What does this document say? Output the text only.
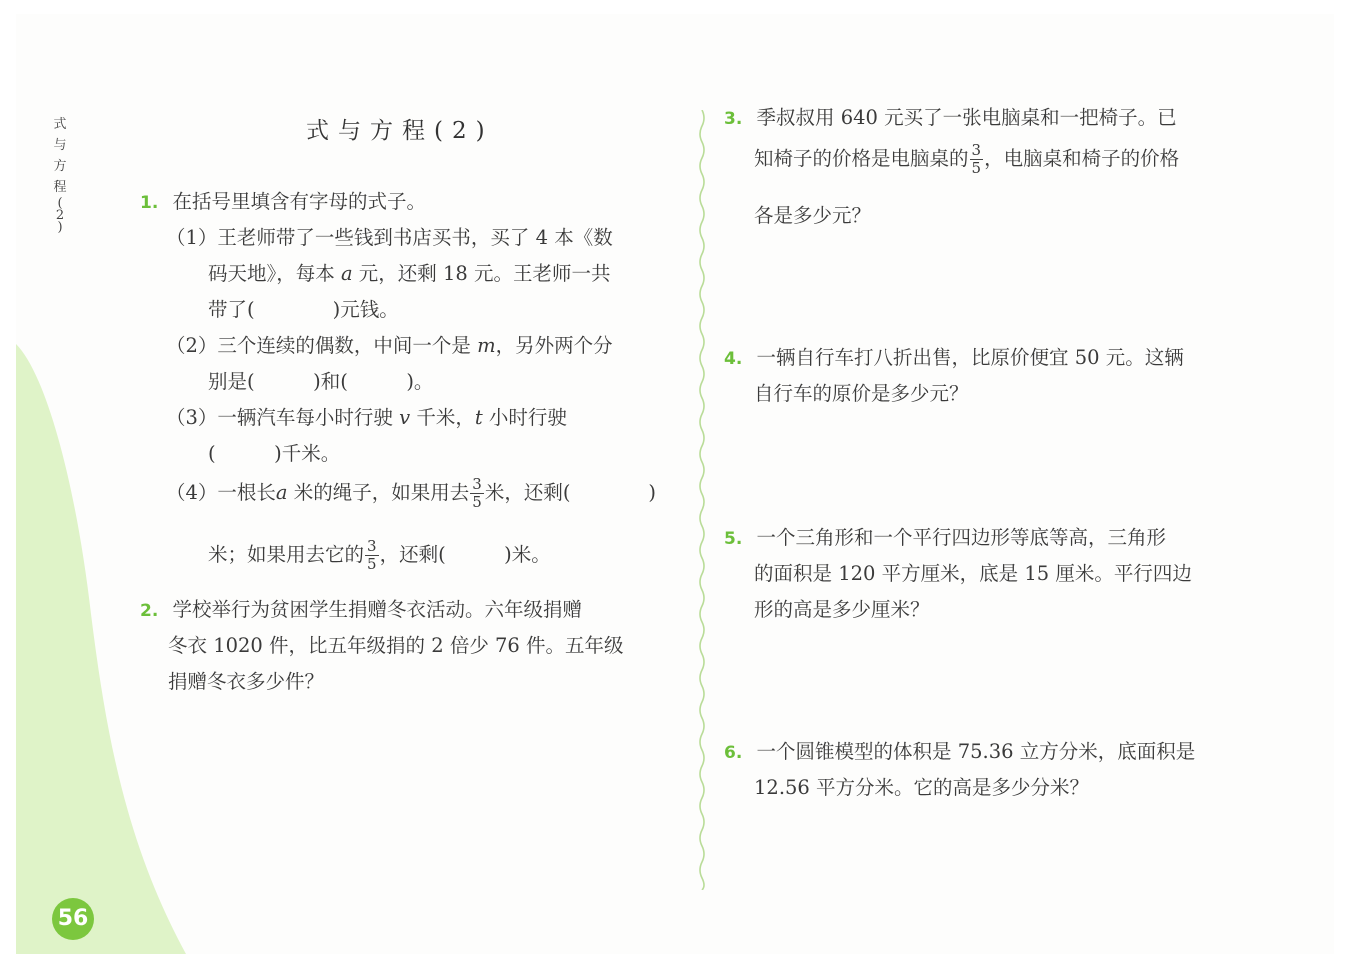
式
与
方
程

(
2
)
式与方程(2)
1. 在括号里填含有字母的式子。
（1）王老师带了一些钱到书店买书，买了 4 本《数
码天地》，每本 a 元，还剩 18 元。王老师一共
带了(　　　　)元钱。
（2）三个连续的偶数，中间一个是 m，另外两个分
别是(　　　)和(　　　)。
（3）一辆汽车每小时行驶 v 千米，t 小时行驶
(　　　)千米。
（4）一根长a 米的绳子，如果用去 $\frac{3}{5}$ 米，还剩(　　　　)
米；如果用去它的 $\frac{3}{5}$ ，还剩(　　　)米。
2. 学校举行为贫困学生捐赠冬衣活动。六年级捐赠
冬衣 1020 件，比五年级捐的 2 倍少 76 件。五年级
捐赠冬衣多少件？
3. 季叔叔用 640 元买了一张电脑桌和一把椅子。已
知椅子的价格是电脑桌的 $\frac{3}{5}$ ，电脑桌和椅子的价格
各是多少元？
4. 一辆自行车打八折出售，比原价便宜 50 元。这辆
自行车的原价是多少元？
5. 一个三角形和一个平行四边形等底等高，三角形
的面积是 120 平方厘米，底是 15 厘米。平行四边
形的高是多少厘米？
6. 一个圆锥模型的体积是 75.36 立方分米，底面积是
12.56 平方分米。它的高是多少分米？
56
